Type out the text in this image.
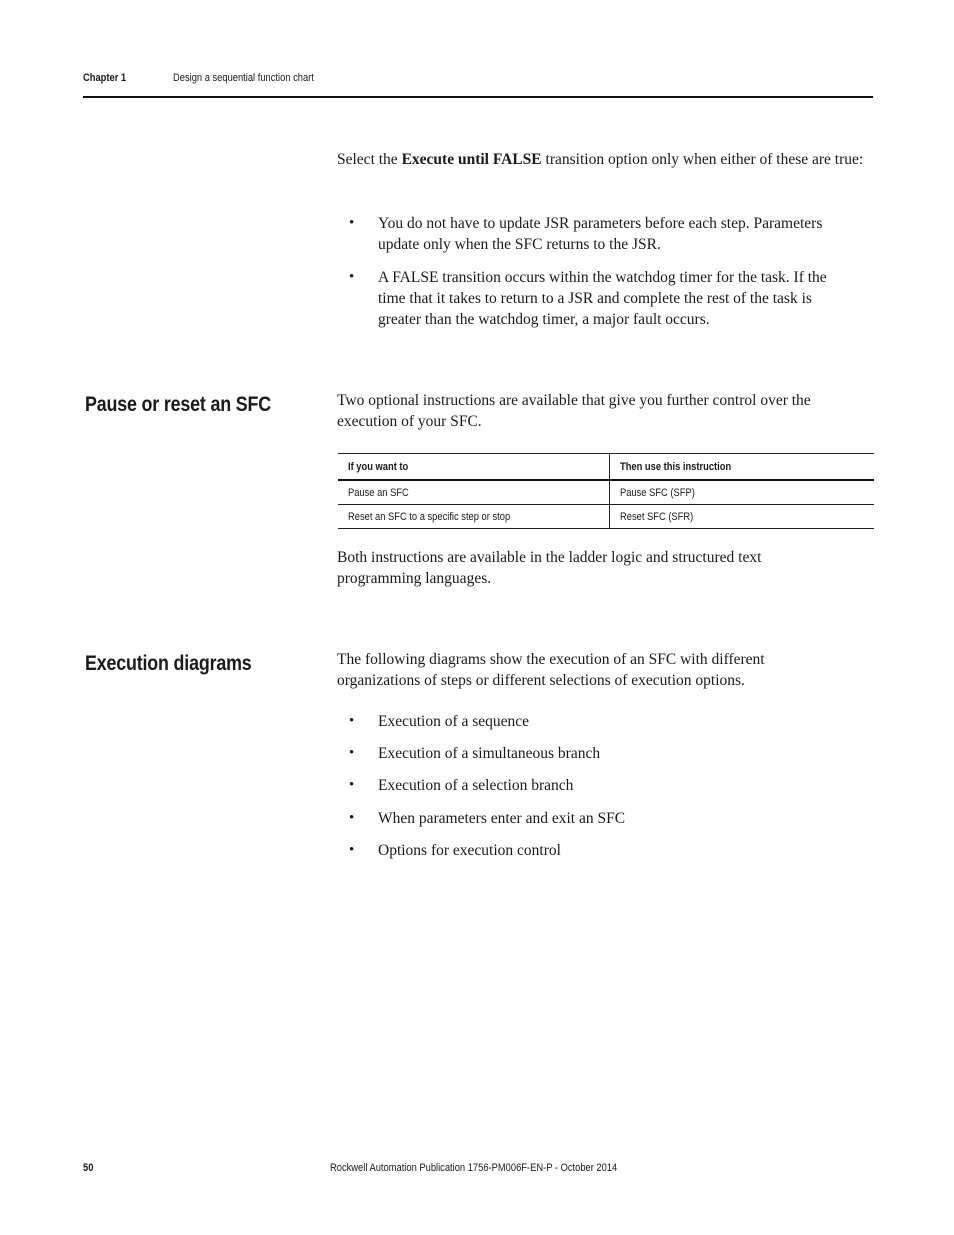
Chapter 1	Design a sequential function chart
Select the Execute until FALSE transition option only when either of these are true:
• You do not have to update JSR parameters before each step. Parameters update only when the SFC returns to the JSR.
• A FALSE transition occurs within the watchdog timer for the task. If the time that it takes to return to a JSR and complete the rest of the task is greater than the watchdog timer, a major fault occurs.
Pause or reset an SFC	Two optional instructions are available that give you further control over the execution of your SFC.
If you want to	Then use this instruction
Pause an SFC	Pause SFC (SFP)
Reset an SFC to a specific step or stop	Reset SFC (SFR)
Both instructions are available in the ladder logic and structured text programming languages.
Execution diagrams	The following diagrams show the execution of an SFC with different organizations of steps or different selections of execution options.
• Execution of a sequence
• Execution of a simultaneous branch
• Execution of a selection branch
• When parameters enter and exit an SFC
• Options for execution control
50	Rockwell Automation Publication 1756-PM006F-EN-P - October 2014
